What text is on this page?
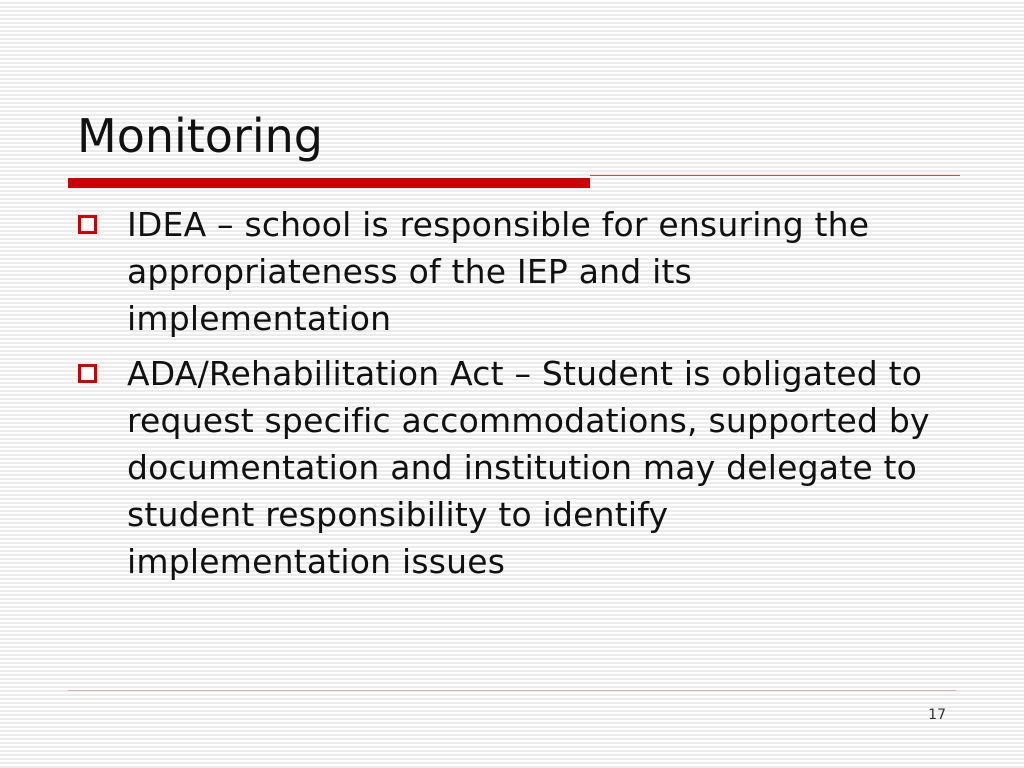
Monitoring
IDEA – school is responsible for ensuring the appropriateness of the IEP and its implementation
ADA/Rehabilitation Act – Student is obligated to request specific accommodations, supported by documentation and institution may delegate to student responsibility to identify implementation issues
17
